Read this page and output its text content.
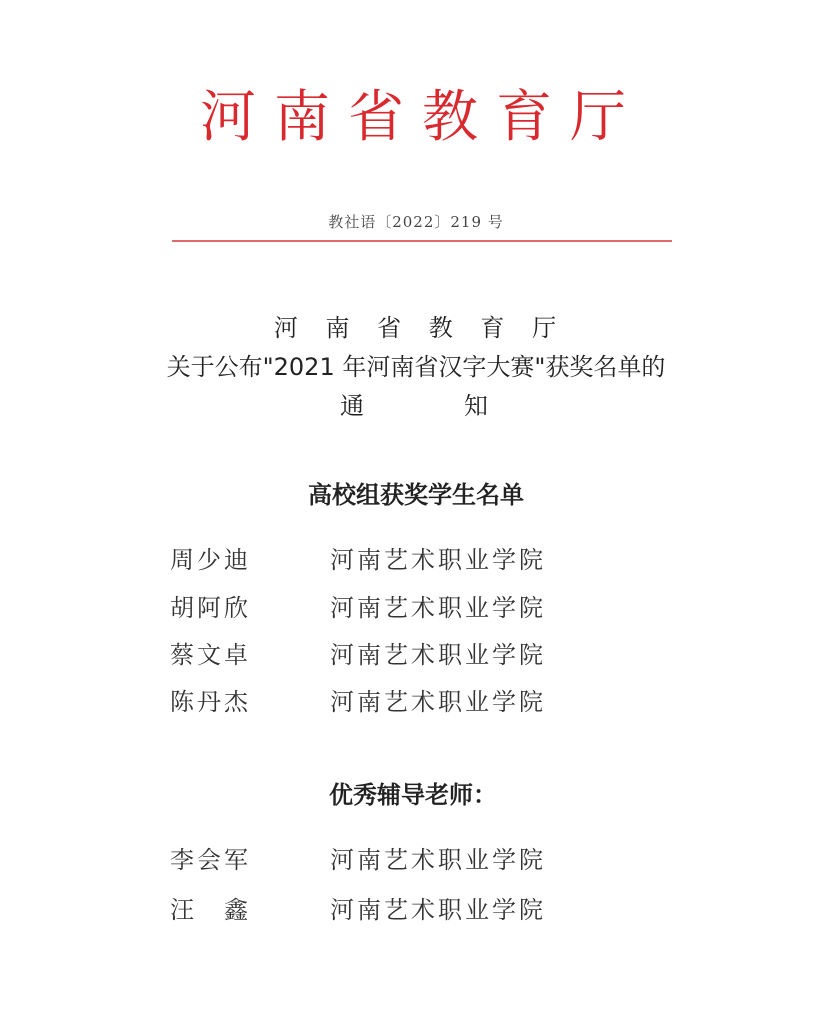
河南省教育厅
教社语〔2022〕219 号
河 南 省 教 育 厅
关于公布"2021 年河南省汉字大赛"获奖名单的
通	知
高校组获奖学生名单
周少迪	河南艺术职业学院
胡阿欣	河南艺术职业学院
蔡文卓	河南艺术职业学院
陈丹杰	河南艺术职业学院
优秀辅导老师：
李会军	河南艺术职业学院
汪　鑫	河南艺术职业学院
